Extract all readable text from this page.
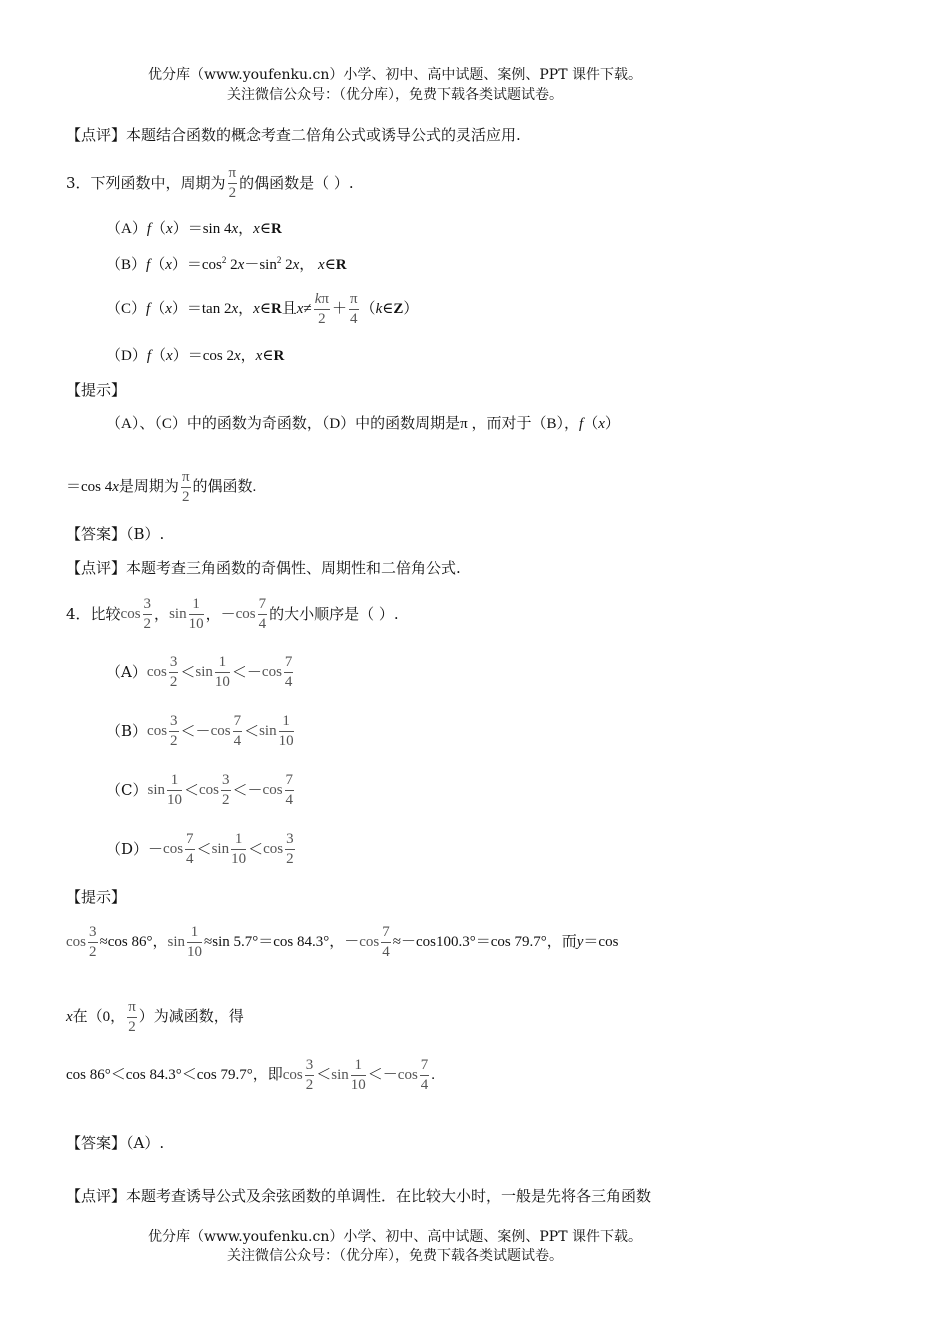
优分库（www.youfenku.cn）小学、初中、高中试题、案例、PPT 课件下载。
关注微信公众号：（优分库），免费下载各类试题试卷。
【点评】本题结合函数的概念考查二倍角公式或诱导公式的灵活应用.
3．下列函数中，周期为 $\frac{\pi}{2}$ 的偶函数是（ ）.
（A）f（x）＝sin 4x，x∈R
$(B)f(x)=\cos^2$ $2x-\sin^2$ 2x， x∈R
（C） f （ x ） ＝tan 2 x ， x ∈ R 且 $x \ne \frac{k\pi}{2} + \frac{\pi}{4}$ （ k ∈ Z ）
（D）f（x）＝cos 2x，x∈R
【提示】
（A）、（C）中的函数为奇函数，（D）中的函数周期是π ，而对于（B），f（x）
＝cos 4 x 是周期为 $\frac{\pi}{2}$ 的偶函数.
【答案】（B）.
【点评】本题考查三角函数的奇偶性、周期性和二倍角公式.
4．比较 $\cos \frac{3}{2}$ ， $\sin \frac{1}{10}$ ， － $\cos \frac{7}{4}$ 的大小顺序是（ ）.
（A） $\cos \frac{3}{2} < \sin \frac{1}{10}$ ＜ － $\cos \frac{7}{4}$
（B） $\cos \frac{3}{2}$ ＜ － $\cos \frac{7}{4} < \sin \frac{1}{10}$
（C） $\sin \frac{1}{10} < \cos \frac{3}{2}$ ＜ － $\cos \frac{7}{4}$
$(D) - \cos \frac{7}{4} < \sin \frac{1}{10} < \cos \frac{3}{2}$
【提示】
$\cos \frac{3}{2} \approx\cos$ 86°， $\sin \frac{1}{10} \approx\sin$ 5.7°＝cos 84.3°， － $\cos \frac{7}{4} \approx-\cos 100.3^\circ=\cos$ 79.7°，而 y ＝cos
x 在（0， $\frac{\pi}{2}$ ）为减函数，得
cos 86°＜cos 84.3°＜cos 79.7°，即 $\cos \frac{3}{2} < \sin \frac{1}{10}$ ＜ － $\cos \frac{7}{4}$ .
【答案】（A）.
【点评】本题考查诱导公式及余弦函数的单调性．在比较大小时，一般是先将各三角函数
优分库（www.youfenku.cn）小学、初中、高中试题、案例、PPT 课件下载。
关注微信公众号：（优分库），免费下载各类试题试卷。
